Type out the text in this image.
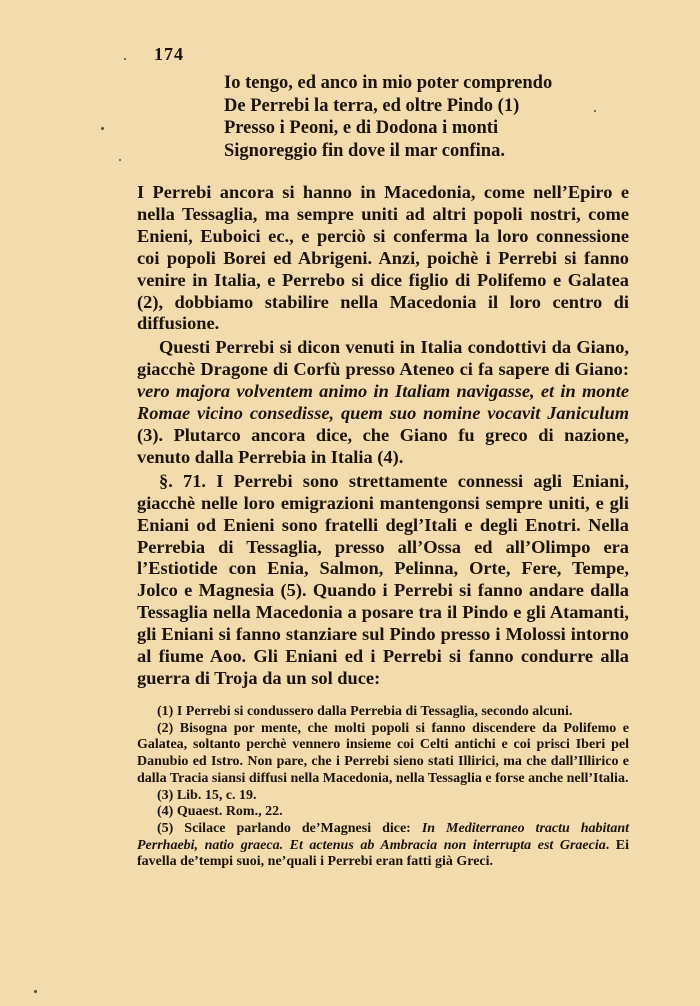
174
Io tengo, ed anco in mio poter comprendo
De Perrebi la terra, ed oltre Pindo (1)
Presso i Peoni, e di Dodona i monti
Signoreggio fin dove il mar confina.

I Perrebi ancora si hanno in Macedonia, come nell’Epiro e nella Tessaglia, ma sempre uniti ad altri popoli nostri, come Enieni, Euboici ec., e perciò si conferma la loro connessione coi popoli Borei ed Abrigeni. Anzi, poichè i Perrebi si fanno venire in Italia, e Perrebo si dice figlio di Polifemo e Galatea (2), dobbiamo stabilire nella Macedonia il loro centro di diffusione.

Questi Perrebi si dicon venuti in Italia condottivi da Giano, giacchè Dragone di Corfù presso Ateneo ci fa sapere di Giano: vero majora volventem animo in Italiam navigasse, et in monte Romae vicino consedisse, quem suo nomine vocavit Janiculum (3). Plutarco ancora dice, che Giano fu greco di nazione, venuto dalla Perrebia in Italia (4).

§. 71. I Perrebi sono strettamente connessi agli Eniani, giacchè nelle loro emigrazioni mantengonsi sempre uniti, e gli Eniani od Enieni sono fratelli degl’Itali e degli Enotri. Nella Perrebia di Tessaglia, presso all’Ossa ed all’Olimpo era l’Estiotide con Enia, Salmon, Pelinna, Orte, Fere, Tempe, Jolco e Magnesia (5). Quando i Perrebi si fanno andare dalla Tessaglia nella Macedonia a posare tra il Pindo e gli Atamanti, gli Eniani si fanno stanziare sul Pindo presso i Molossi intorno al fiume Aoo. Gli Eniani ed i Perrebi si fanno condurre alla guerra di Troja da un sol duce:

(1) I Perrebi si condussero dalla Perrebia di Tessaglia, secondo alcuni.

(2) Bisogna por mente, che molti popoli si fanno discendere da Polifemo e Galatea, soltanto perchè vennero insieme coi Celti antichi e coi prisci Iberi pel Danubio ed Istro. Non pare, che i Perrebi sieno stati Illirici, ma che dall’Illirico e dalla Tracia siansi diffusi nella Macedonia, nella Tessaglia e forse anche nell’Italia.

(3) Lib. 15, c. 19.

(4) Quaest. Rom., 22.

(5) Scilace parlando de’Magnesi dice: In Mediterraneo tractu habitant Perrhaebi, natio graeca. Et actenus ab Ambracia non interrupta est Graecia. Ei favella de’tempi suoi, ne’quali i Perrebi eran fatti già Greci.
